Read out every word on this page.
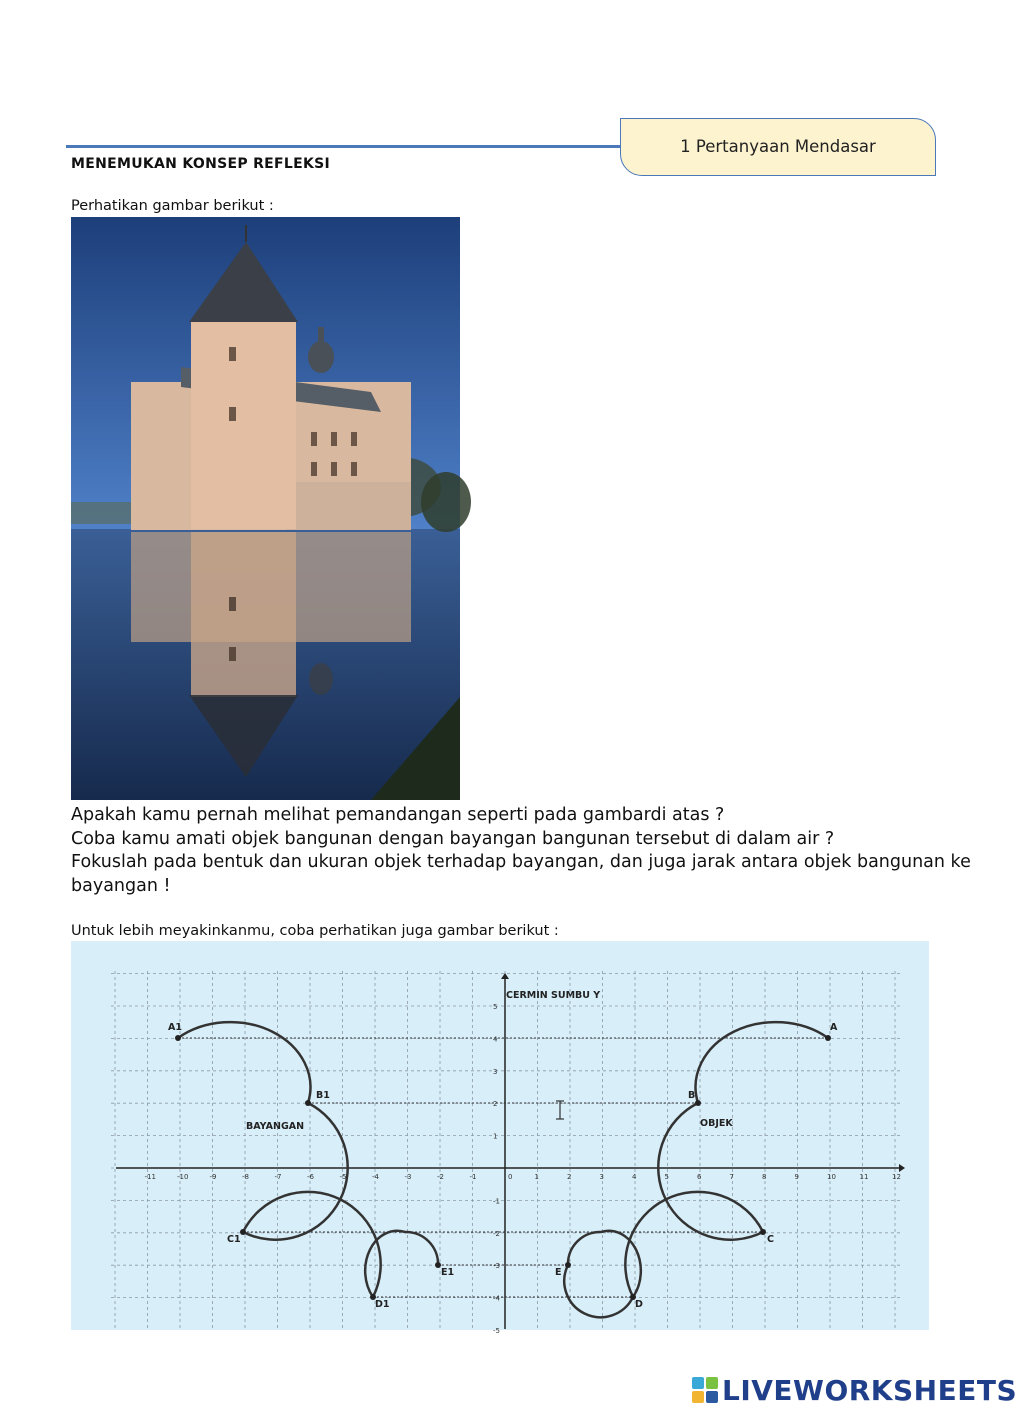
1 Pertanyaan Mendasar
MENEMUKAN KONSEP REFLEKSI
Perhatikan gambar berikut :
Apakah kamu pernah melihat pemandangan seperti pada gambardi atas ?
Coba kamu amati objek bangunan dengan bayangan bangunan tersebut di dalam air ?
Fokuslah pada bentuk dan ukuran objek terhadap bayangan, dan juga jarak antara objek bangunan ke bayangan !
Untuk lebih meyakinkanmu, coba perhatikan juga gambar berikut :
-11	-10	-9	-8	-7	-6	-5	-4	-3	-2	-1	0	1	2	3	4	5	6	7	8	9	10	11	12
5
4
3
2
1
-1
-2
-3
-4
-5
CERMIN SUMBU Y
BAYANGAN	OBJEK
A
B
C
D
E
A1
B1
C1
D1
E1
LIVEWORKSHEETS
